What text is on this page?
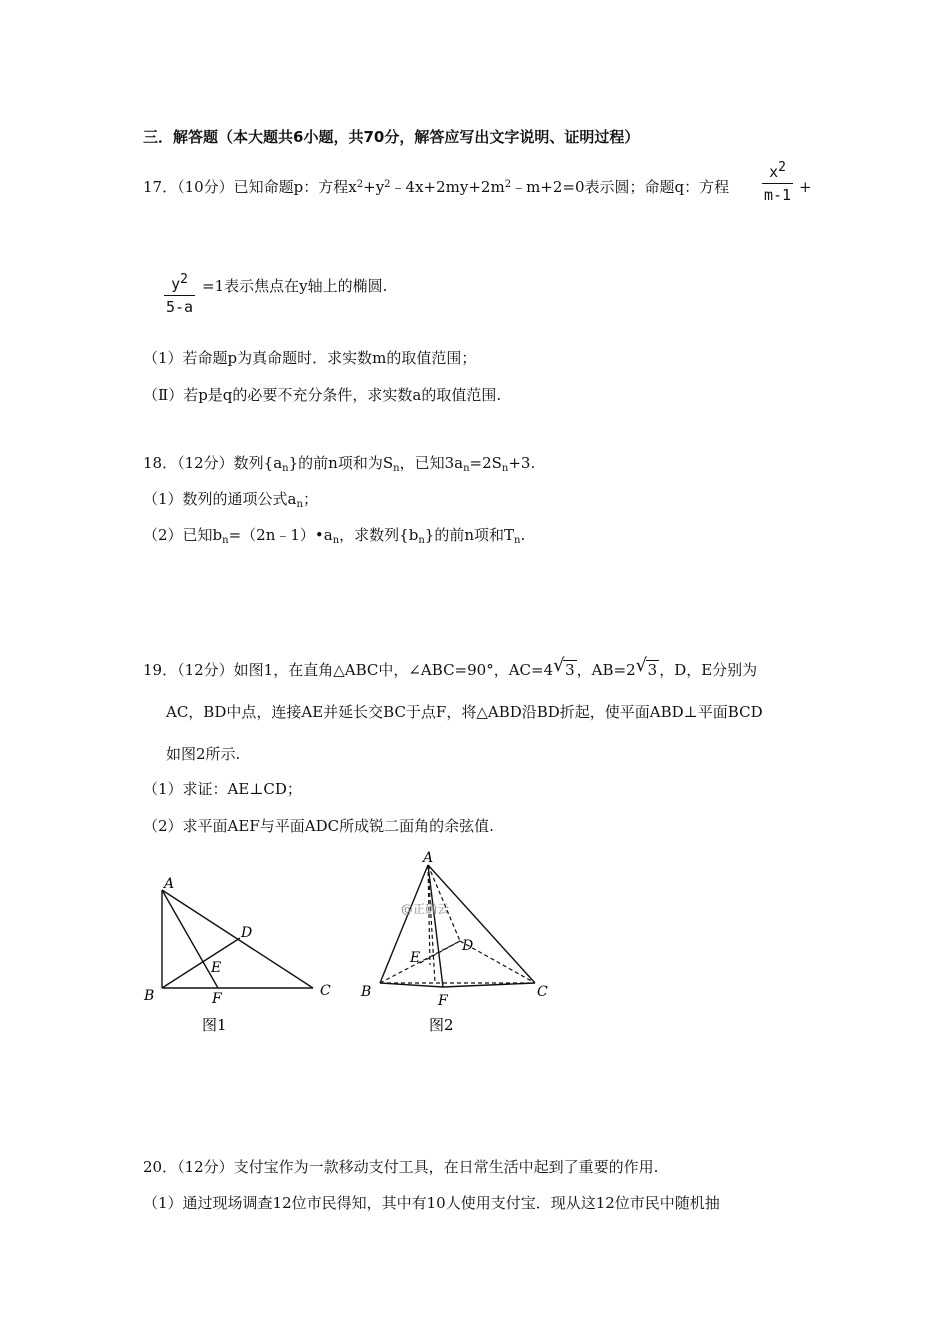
三．解答题（本大题共6小题，共70分，解答应写出文字说明、证明过程）
17．（10分）已知命题p：方程$x^2+y^2﹣4x+2my+2m^2﹣m+2=0$表示圆；命题q：方程
$x^2$
m-1 +
$y^2$
5-a
=1表示焦点在y轴上的椭圆.
（1）若命题p为真命题时．求实数m的取值范围；
（Ⅱ）若p是q的必要不充分条件，求实数a的取值范围.
18．（12分）数列$\{a_n\}$的前n项和为$S_n$，已知$3a_n=2S_n+3$.
（1）数列的通项公式$a_n$；
（2）已知$b_n=(2n﹣1)•a_n$，求数列$\{b_n\}$的前n项和$T_n$.
19．（12分）如图1，在直角△ABC中，∠ABC=90°，AC=4 √ 3 ，AB=2 √ 3 ，D，E分别为
AC，BD中点，连接AE并延长交BC于点F，将△ABD沿BD折起，使平面ABD⊥平面BCD
如图2所示.
（1）求证：AE⊥CD；
（2）求平面AEF与平面ADC所成锐二面角的余弦值.
A
B	C
D
E
F
图1
A
B	C
D
E
F
@正确云
图2
20．（12分）支付宝作为一款移动支付工具，在日常生活中起到了重要的作用.
（1）通过现场调查12位市民得知，其中有10人使用支付宝．现从这12位市民中随机抽
